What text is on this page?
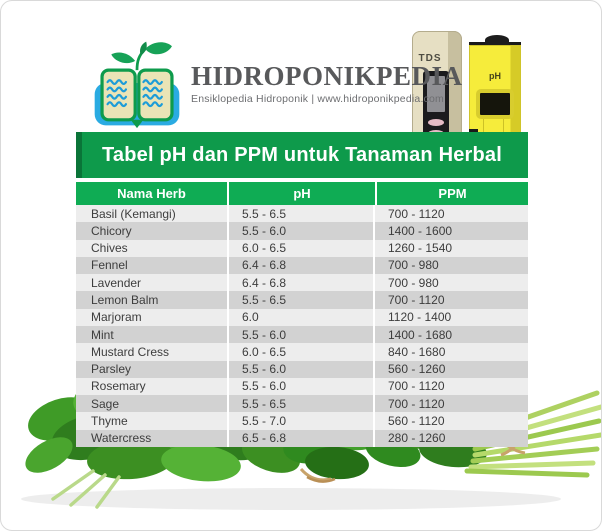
HIDROPONIKPEDIA
Ensiklopedia Hidroponik | www.hidroponikpedia.com
TDS
pH
Tabel pH dan PPM untuk Tanaman Herbal
Nama Herb	pH	PPM
Basil (Kemangi)	5.5 - 6.5	700 - 1120
Chicory	5.5 - 6.0	1400 - 1600
Chives	6.0 - 6.5	1260 - 1540
Fennel	6.4 - 6.8	700 - 980
Lavender	6.4 - 6.8	700 - 980
Lemon Balm	5.5 - 6.5	700 - 1120
Marjoram	6.0	1120 - 1400
Mint	5.5 - 6.0	1400 - 1680
Mustard Cress	6.0 - 6.5	840 - 1680
Parsley	5.5 - 6.0	560 - 1260
Rosemary	5.5 - 6.0	700 - 1120
Sage	5.5 - 6.5	700 - 1120
Thyme	5.5 - 7.0	560 - 1120
Watercress	6.5 - 6.8	280 - 1260
